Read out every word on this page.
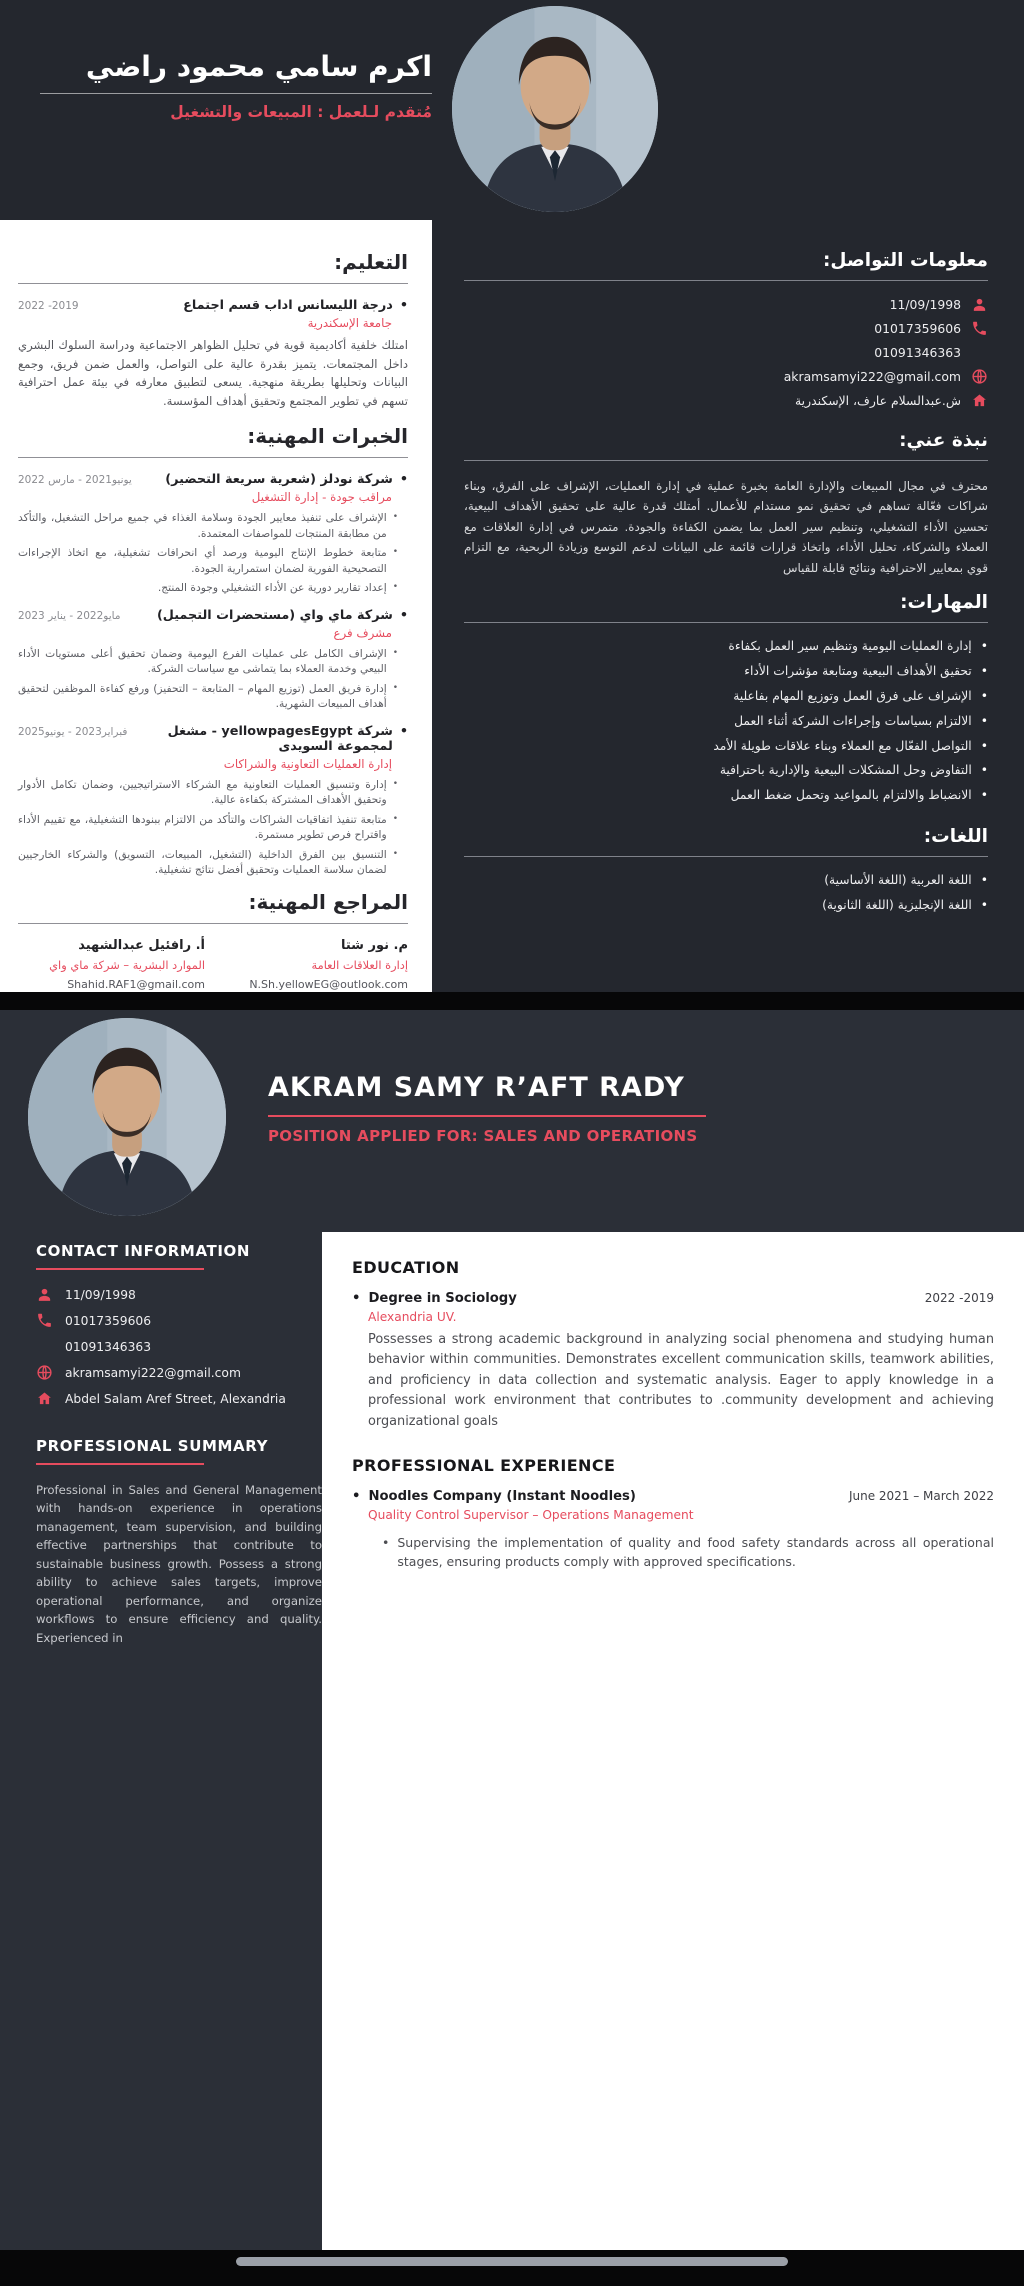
اكرم سامي محمود راضي
مُتقدم لـلعمل : المبيعات والتشغيل
التعليم:
•
درجة الليسانس اداب قسم اجتماع
2019- 2022
جامعة الإسكندرية

امتلك خلفية أكاديمية قوية في تحليل الظواهر الاجتماعية ودراسة السلوك البشري داخل المجتمعات. يتميز بقدرة عالية على التواصل، والعمل ضمن فريق، وجمع البيانات وتحليلها بطريقة منهجية. يسعى لتطبيق معارفه في بيئة عمل احترافية تسهم في تطوير المجتمع وتحقيق أهداف المؤسسة.

الخبرات المهنية:
•
شركة نودلز (شعرية سريعة التحضير)
يونيو2021 - مارس 2022
مراقب جودة - إدارة التشغيل
•
الإشراف على تنفيذ معايير الجودة وسلامة الغذاء في جميع مراحل التشغيل، والتأكد من مطابقة المنتجات للمواصفات المعتمدة.
•
متابعة خطوط الإنتاج اليومية ورصد أي انحرافات تشغيلية، مع اتخاذ الإجراءات التصحيحية الفورية لضمان استمرارية الجودة.
•
إعداد تقارير دورية عن الأداء التشغيلي وجودة المنتج.
•
شركة ماي واي (مستحضرات التجميل)
مايو2022 - يناير 2023
مشرف فرع
•
الإشراف الكامل على عمليات الفرع اليومية وضمان تحقيق أعلى مستويات الأداء البيعي وخدمة العملاء بما يتماشى مع سياسات الشركة.
•
إدارة فريق العمل (توزيع المهام – المتابعة – التحفيز) ورفع كفاءة الموظفين لتحقيق أهداف المبيعات الشهرية.
•
شركة yellowpagesEgypt - مشغل لمجموعة السويدى
فبراير2023 - يونيو2025
إدارة العمليات التعاونية والشراكات
•
إدارة وتنسيق العمليات التعاونية مع الشركاء الاستراتيجيين، وضمان تكامل الأدوار وتحقيق الأهداف المشتركة بكفاءة عالية.
•
متابعة تنفيذ اتفاقيات الشراكات والتأكد من الالتزام ببنودها التشغيلية، مع تقييم الأداء واقتراح فرص تطوير مستمرة.
•
التنسيق بين الفرق الداخلية (التشغيل، المبيعات، التسويق) والشركاء الخارجيين لضمان سلاسة العمليات وتحقيق أفضل نتائج تشغيلية.
المراجع المهنية:
م. نور شتا
إدارة العلاقات العامة
N.Sh.yellowEG@outlook.com
أ. رافئيل عبدالشهيد
الموارد البشرية – شركة ماي واي
Shahid.RAF1@gmail.com
معلومات التواصل:
11/09/1998
01017359606
01091346363
akramsamyi222@gmail.com
ش.عبدالسلام عارف، الإسكندرية
نبذة عني:

محترف في مجال المبيعات والإدارة العامة بخبرة عملية في إدارة العمليات، الإشراف على الفرق، وبناء شراكات فعّالة تساهم في تحقيق نمو مستدام للأعمال. أمتلك قدرة عالية على تحقيق الأهداف البيعية، تحسين الأداء التشغيلي، وتنظيم سير العمل بما يضمن الكفاءة والجودة. متمرس في إدارة العلاقات مع العملاء والشركاء، تحليل الأداء، واتخاذ قرارات قائمة على البيانات لدعم التوسع وزيادة الربحية، مع التزام قوي بمعايير الاحترافية ونتائج قابلة للقياس

المهارات:
•
إدارة العمليات اليومية وتنظيم سير العمل بكفاءة
•
تحقيق الأهداف البيعية ومتابعة مؤشرات الأداء
•
الإشراف على فرق العمل وتوزيع المهام بفاعلية
•
الالتزام بسياسات وإجراءات الشركة أثناء العمل
•
التواصل الفعّال مع العملاء وبناء علاقات طويلة الأمد
•
التفاوض وحل المشكلات البيعية والإدارية باحترافية
•
الانضباط والالتزام بالمواعيد وتحمل ضغط العمل
اللغات:
•
اللغة العربية (اللغة الأساسية)
•
اللغة الإنجليزية (اللغة الثانوية)
AKRAM SAMY R’AFT RADY
POSITION APPLIED FOR: SALES AND OPERATIONS
CONTACT INFORMATION
11/09/1998
01017359606
01091346363
akramsamyi222@gmail.com
Abdel Salam Aref Street, Alexandria
PROFESSIONAL SUMMARY

Professional in Sales and General Management with hands-on experience in operations management, team supervision, and building effective partnerships that contribute to sustainable business growth. Possess a strong ability to achieve sales targets, improve operational performance, and organize workflows to ensure efficiency and quality. Experienced in

EDUCATION
•
Degree in Sociology	2022 -2019
Alexandria UV.

Possesses a strong academic background in analyzing social phenomena and studying human behavior within communities. Demonstrates excellent communication skills, teamwork abilities, and proficiency in data collection and systematic analysis. Eager to apply knowledge in a professional work environment that contributes to .community development and achieving organizational goals

PROFESSIONAL EXPERIENCE
•
Noodles Company (Instant Noodles)	June 2021 – March 2022
Quality Control Supervisor – Operations Management
•
Supervising the implementation of quality and food safety standards across all operational stages, ensuring products comply with approved specifications.
